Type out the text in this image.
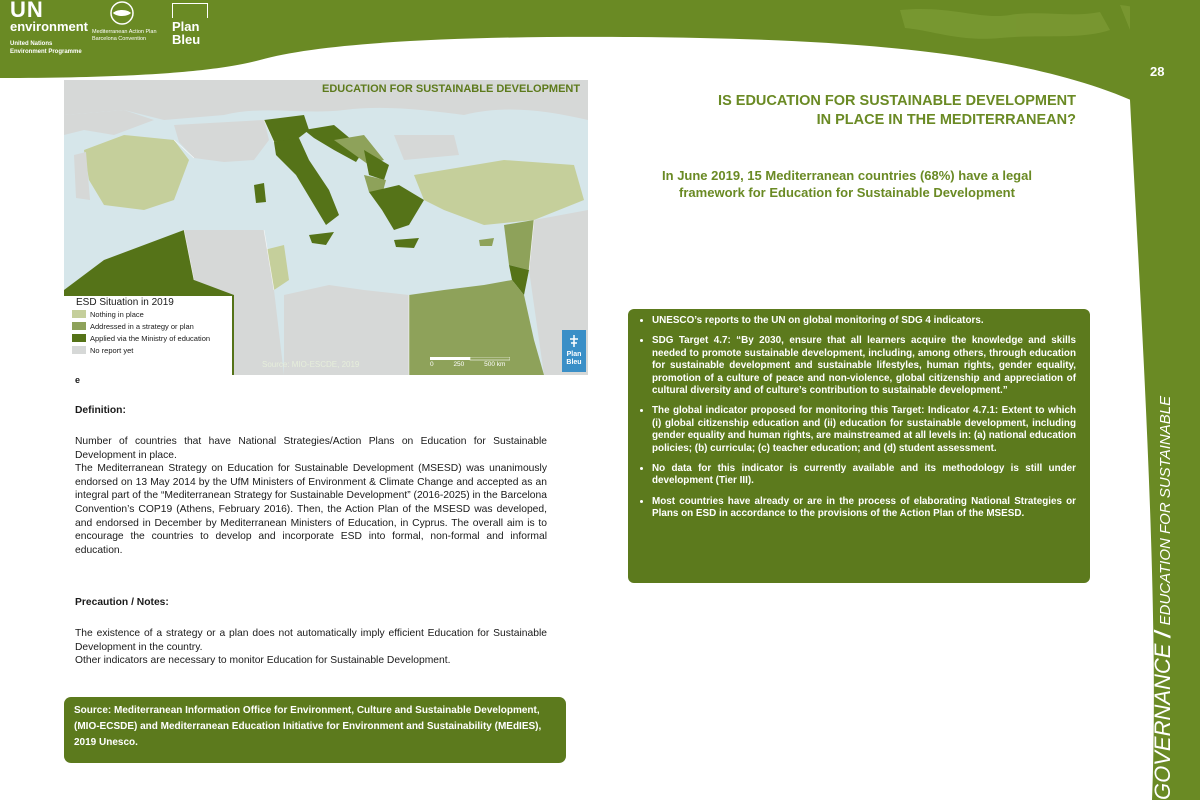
UN
environment
United Nations Environment Programme
Mediterranean Action Plan
Barcelona Convention
Plan
Bleu
28
GOVERNANCE/EDUCATION FOR SUSTAINABLE
EDUCATION FOR SUSTAINABLE DEVELOPMENT
ESD Situation in 2019
Nothing in place
Addressed in a strategy or plan
Applied via the Ministry of education
No report yet
Source: MIO-ESCDE, 2019	0	250	500 km
Plan
Bleu
e
Definition:

Number of countries that have National Strategies/Action Plans on Education for Sustainable Development in place.

The Mediterranean Strategy on Education for Sustainable Development (MSESD) was unanimously endorsed on 13 May 2014 by the UfM Ministers of Environment & Climate Change and accepted as an integral part of the “Mediterranean Strategy for Sustainable Development” (2016-2025) in the Barcelona Convention’s COP19 (Athens, February 2016). Then, the Action Plan of the MSESD was developed, and endorsed in December by Mediterranean Ministers of Education, in Cyprus. The overall aim is to encourage the countries to develop and incorporate ESD into formal, non-formal and informal education.

Precaution / Notes:

The existence of a strategy or a plan does not automatically imply efficient Education for Sustainable Development in the country.

Other indicators are necessary to monitor Education for Sustainable Development.

Source: Mediterranean Information Office for Environment, Culture and Sustainable Development, (MIO-ECSDE) and Mediterranean Education Initiative for Environment and Sustainability (MEdIES), 2019 Unesco.
IS EDUCATION FOR SUSTAINABLE DEVELOPMENT
IN PLACE IN THE MEDITERRANEAN?
In June 2019, 15 Mediterranean countries (68%) have a legal
framework for Education for Sustainable Development
• UNESCO’s reports to the UN on global monitoring of SDG 4 indicators.
• SDG Target 4.7: “By 2030, ensure that all learners acquire the knowledge and skills needed to promote sustainable development, including, among others, through education for sustainable development and sustainable lifestyles, human rights, gender equality, promotion of a culture of peace and non-violence, global citizenship and appreciation of cultural diversity and of culture’s contribution to sustainable development.”
• The global indicator proposed for monitoring this Target: Indicator 4.7.1: Extent to which (i) global citizenship education and (ii) education for sustainable development, including gender equality and human rights, are mainstreamed at all levels in: (a) national education policies; (b) curricula; (c) teacher education; and (d) student assessment.
• No data for this indicator is currently available and its methodology is still under development (Tier III).
• Most countries have already or are in the process of elaborating National Strategies or Plans on ESD in accordance to the provisions of the Action Plan of the MSESD.
